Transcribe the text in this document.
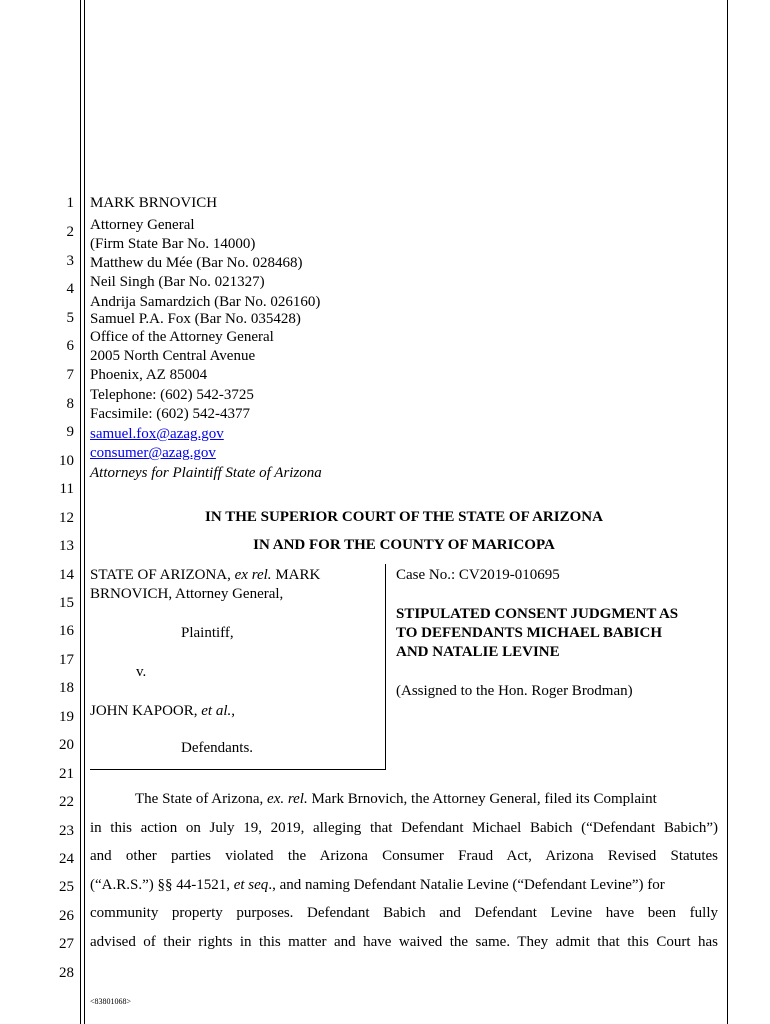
1
2
3
4
5
6
7
8
9
10
11
12
13
14
15
16
17
18
19
20
21
22
23
24
25
26
27
28
MARK BRNOVICH
Attorney General
(Firm State Bar No. 14000)
Matthew du Mée (Bar No. 028468)
Neil Singh (Bar No. 021327)
Andrija Samardzich (Bar No. 026160)
Samuel P.A. Fox (Bar No. 035428)
Office of the Attorney General
2005 North Central Avenue
Phoenix, AZ 85004
Telephone: (602) 542-3725
Facsimile: (602) 542-4377
samuel.fox@azag.gov
consumer@azag.gov
Attorneys for Plaintiff State of Arizona
IN THE SUPERIOR COURT OF THE STATE OF ARIZONA
IN AND FOR THE COUNTY OF MARICOPA
STATE OF ARIZONA, ex rel. MARK
BRNOVICH, Attorney General,
Plaintiff,
v.
JOHN KAPOOR, et al.,
Defendants.
Case No.: CV2019-010695
STIPULATED CONSENT JUDGMENT AS
TO DEFENDANTS MICHAEL BABICH
AND NATALIE LEVINE
(Assigned to the Hon. Roger Brodman)
The State of Arizona, ex. rel. Mark Brnovich, the Attorney General, filed its Complaint
in this action on July 19, 2019, alleging that Defendant Michael Babich (“Defendant Babich”)
and other parties violated the Arizona Consumer Fraud Act, Arizona Revised Statutes
(“A.R.S.”) §§ 44-1521, et seq., and naming Defendant Natalie Levine (“Defendant Levine”) for
community property purposes. Defendant Babich and Defendant Levine have been fully
advised of their rights in this matter and have waived the same. They admit that this Court has
<83801068>
